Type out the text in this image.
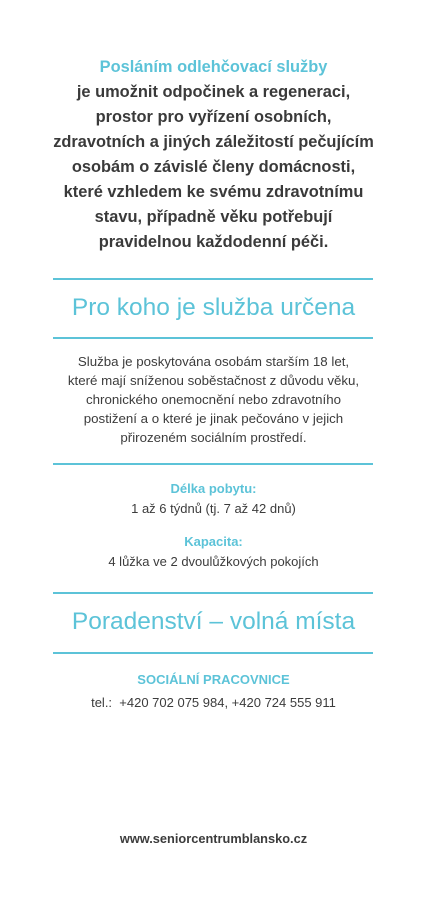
Posláním odlehčovací služby
je umožnit odpočinek a regeneraci,
prostor pro vyřízení osobních,
zdravotních a jiných záležitostí pečujícím
osobám o závislé členy domácnosti,
které vzhledem ke svému zdravotnímu
stavu, případně věku potřebují
pravidelnou každodenní péči.
Pro koho je služba určena
Služba je poskytována osobám starším 18 let,
které mají sníženou soběstačnost z důvodu věku,
chronického onemocnění nebo zdravotního
postižení a o které je jinak pečováno v jejich
přirozeném sociálním prostředí.
Délka pobytu:
1 až 6 týdnů (tj. 7 až 42 dnů)
Kapacita:
4 lůžka ve 2 dvoulůžkových pokojích
Poradenství – volná místa
SOCIÁLNÍ PRACOVNICE
tel.:  +420 702 075 984, +420 724 555 911
www.seniorcentrumblansko.cz
